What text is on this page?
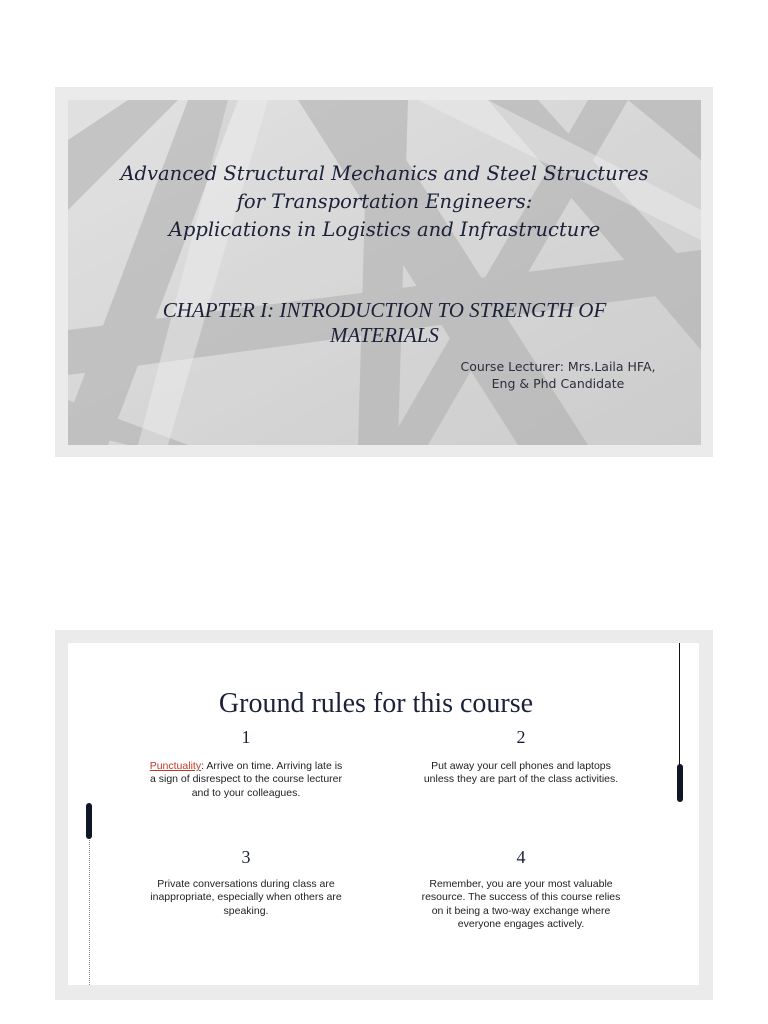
Advanced Structural Mechanics and Steel Structures
for Transportation Engineers:
Applications in Logistics and Infrastructure
CHAPTER I: INTRODUCTION TO STRENGTH OF
MATERIALS
Course Lecturer: Mrs.Laila HFA,
Eng & Phd Candidate
Ground rules for this course
1
Punctuality: Arrive on time. Arriving late is a sign of disrespect to the course lecturer and to your colleagues.
2
Put away your cell phones and laptops unless they are part of the class activities.
3
Private conversations during class are inappropriate, especially when others are speaking.
4
Remember, you are your most valuable resource. The success of this course relies on it being a two-way exchange where everyone engages actively.
